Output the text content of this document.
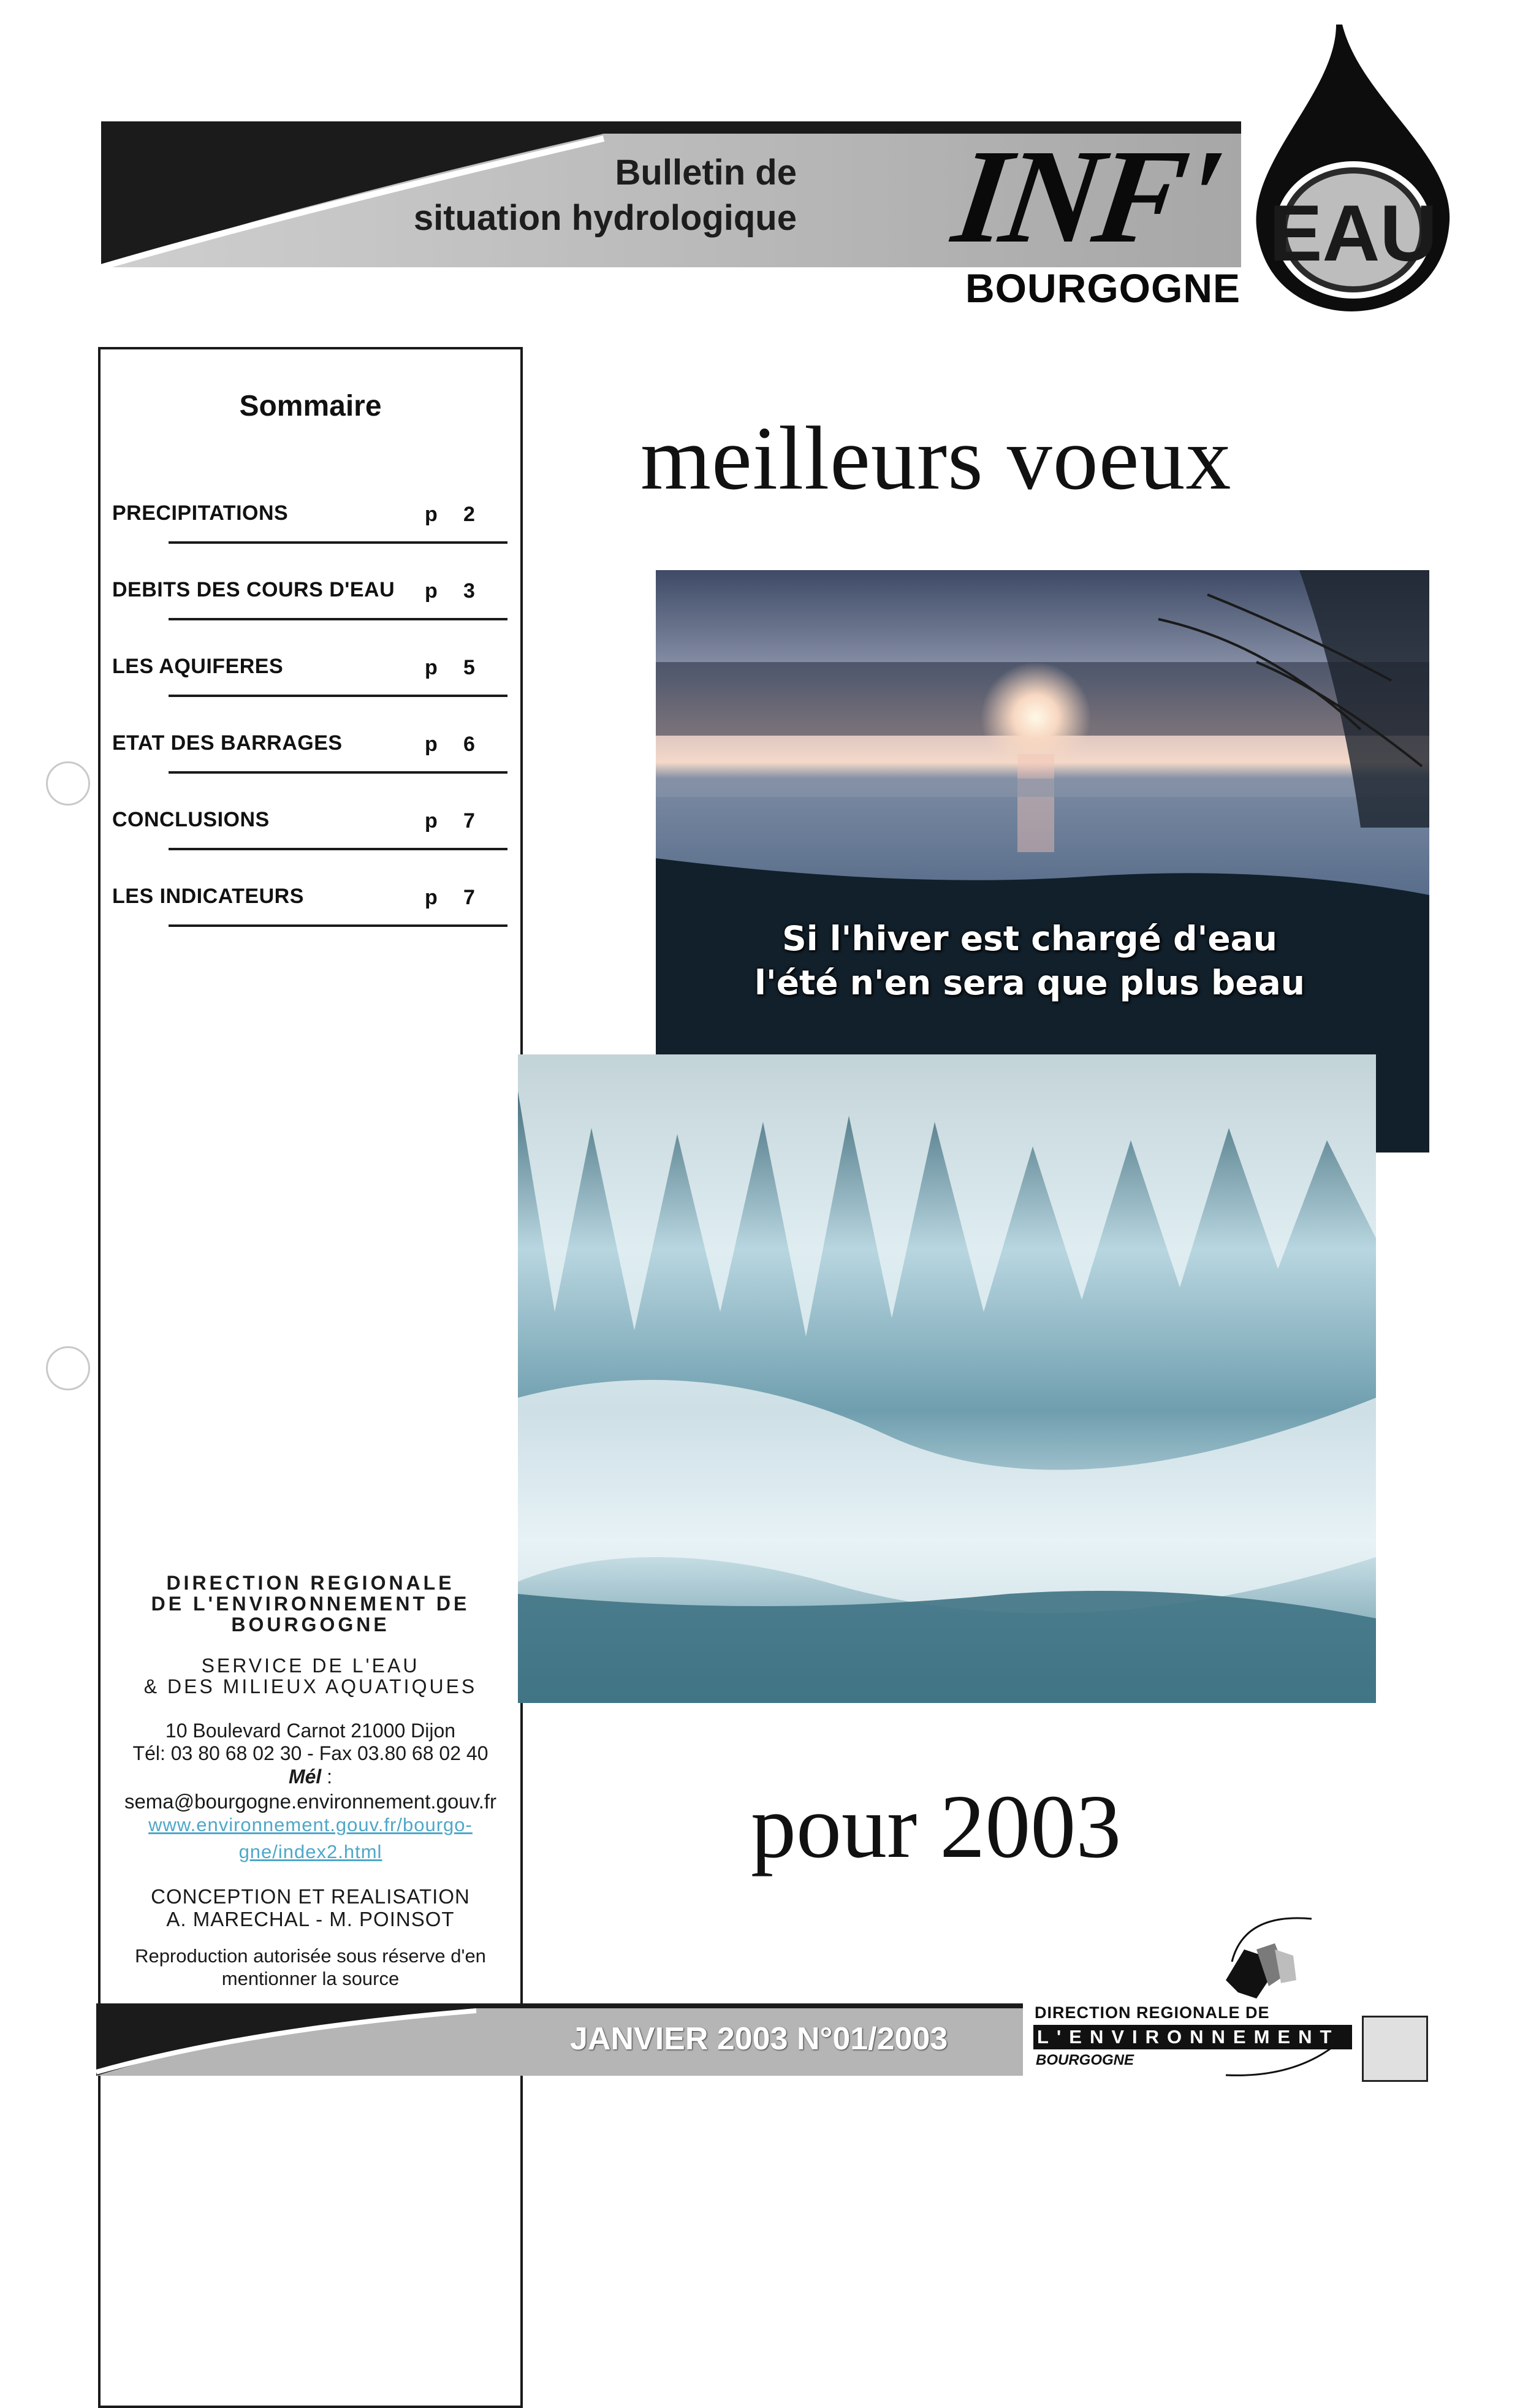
Bulletin de
situation hydrologique INF' EAU
BOURGOGNE
Sommaire
PRECIPITATIONS	p 2
DEBITS DES COURS D'EAU p 3
LES AQUIFERES	p 5
ETAT DES BARRAGES	p 6
CONCLUSIONS	p 7
LES INDICATEURS	p 7
DIRECTION REGIONALE
DE L'ENVIRONNEMENT DE
BOURGOGNE
SERVICE DE L'EAU
& DES MILIEUX AQUATIQUES
10 Boulevard Carnot 21000 Dijon
Tél: 03 80 68 02 30 - Fax 03.80 68 02 40
Mél :
sema@bourgogne.environnement.gouv.fr
www.environnement.gouv.fr/bourgo-
gne/index2.html
CONCEPTION ET REALISATION
A. MARECHAL - M. POINSOT
Reproduction autorisée sous réserve d'en
mentionner la source
meilleurs voeux
Si l'hiver est chargé d'eau
l'été n'en sera que plus beau
pour 2003
JANVIER 2003 N°01/2003
DIRECTION REGIONALE DE
L'ENVIRONNEMENT
BOURGOGNE
